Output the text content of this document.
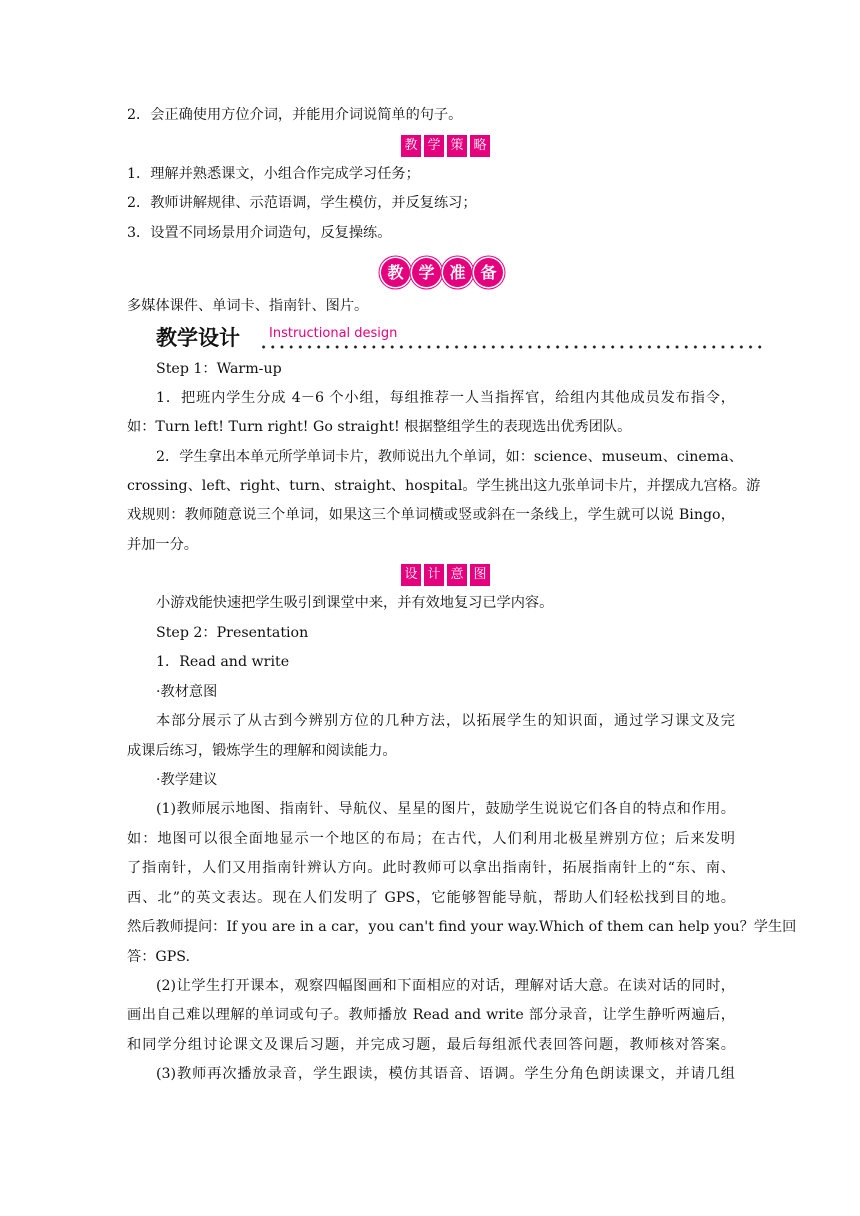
2．会正确使用方位介词，并能用介词说简单的句子。

教 学 策 略

1．理解并熟悉课文，小组合作完成学习任务；

2．教师讲解规律、示范语调，学生模仿，并反复练习；

3．设置不同场景用介词造句，反复操练。

教 学 准 备

多媒体课件、单词卡、指南针、图片。

教学设计 Instructional design

Step 1：Warm-up

1．把班内学生分成 4－6 个小组，每组推荐一人当指挥官，给组内其他成员发布指令，

如：Turn left! Turn right! Go straight! 根据整组学生的表现选出优秀团队。

2．学生拿出本单元所学单词卡片，教师说出九个单词，如：science、museum、cinema、

crossing、left、right、turn、straight、hospital。学生挑出这九张单词卡片，并摆成九宫格。游

戏规则：教师随意说三个单词，如果这三个单词横或竖或斜在一条线上，学生就可以说 Bingo，

并加一分。

设 计 意 图

小游戏能快速把学生吸引到课堂中来，并有效地复习已学内容。

Step 2：Presentation

1．Read and write

·教材意图

本部分展示了从古到今辨别方位的几种方法，以拓展学生的知识面，通过学习课文及完

成课后练习，锻炼学生的理解和阅读能力。

·教学建议

(1)教师展示地图、指南针、导航仪、星星的图片，鼓励学生说说它们各自的特点和作用。

如：地图可以很全面地显示一个地区的布局；在古代，人们利用北极星辨别方位；后来发明

了指南针，人们又用指南针辨认方向。此时教师可以拿出指南针，拓展指南针上的“东、南、

西、北”的英文表达。现在人们发明了 GPS，它能够智能导航，帮助人们轻松找到目的地。

然后教师提问：If you are in a car，you can't find your way.Which of them can help you？学生回

答：GPS.

(2)让学生打开课本，观察四幅图画和下面相应的对话，理解对话大意。在读对话的同时，

画出自己难以理解的单词或句子。教师播放 Read and write 部分录音，让学生静听两遍后，

和同学分组讨论课文及课后习题，并完成习题，最后每组派代表回答问题，教师核对答案。

(3)教师再次播放录音，学生跟读，模仿其语音、语调。学生分角色朗读课文，并请几组
